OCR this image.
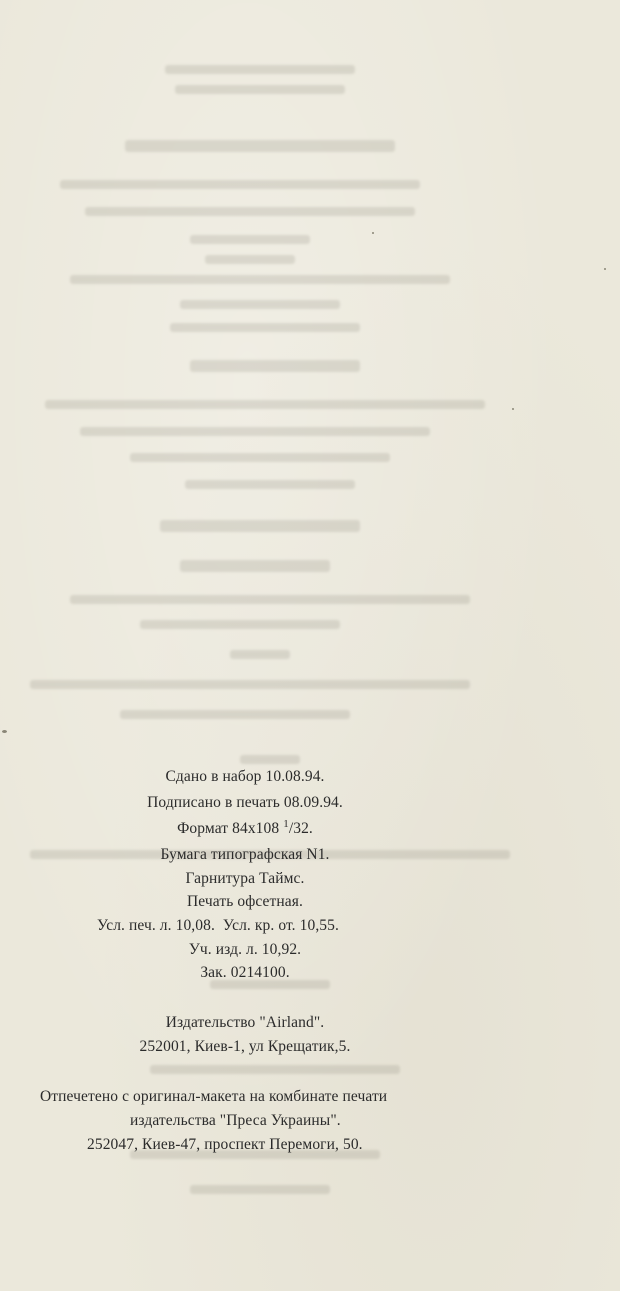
Сдано в набор 10.08.94.
Подписано в печать 08.09.94.
Формат 84x108 $^1$/32.
Бумага типографская N1.
Гарнитура Таймс.
Печать офсетная.
Усл. печ. л. 10,08. Усл. кр. от. 10,55.
Уч. изд. л. 10,92.
Зак. 0214100.
Издательство "Airland".
252001, Киев-1, ул Крещатик,5.
Отпечетено с оригинал-макета на комбинате печати
издательства "Преса Украины".
252047, Киев-47, проспект Перемоги, 50.
